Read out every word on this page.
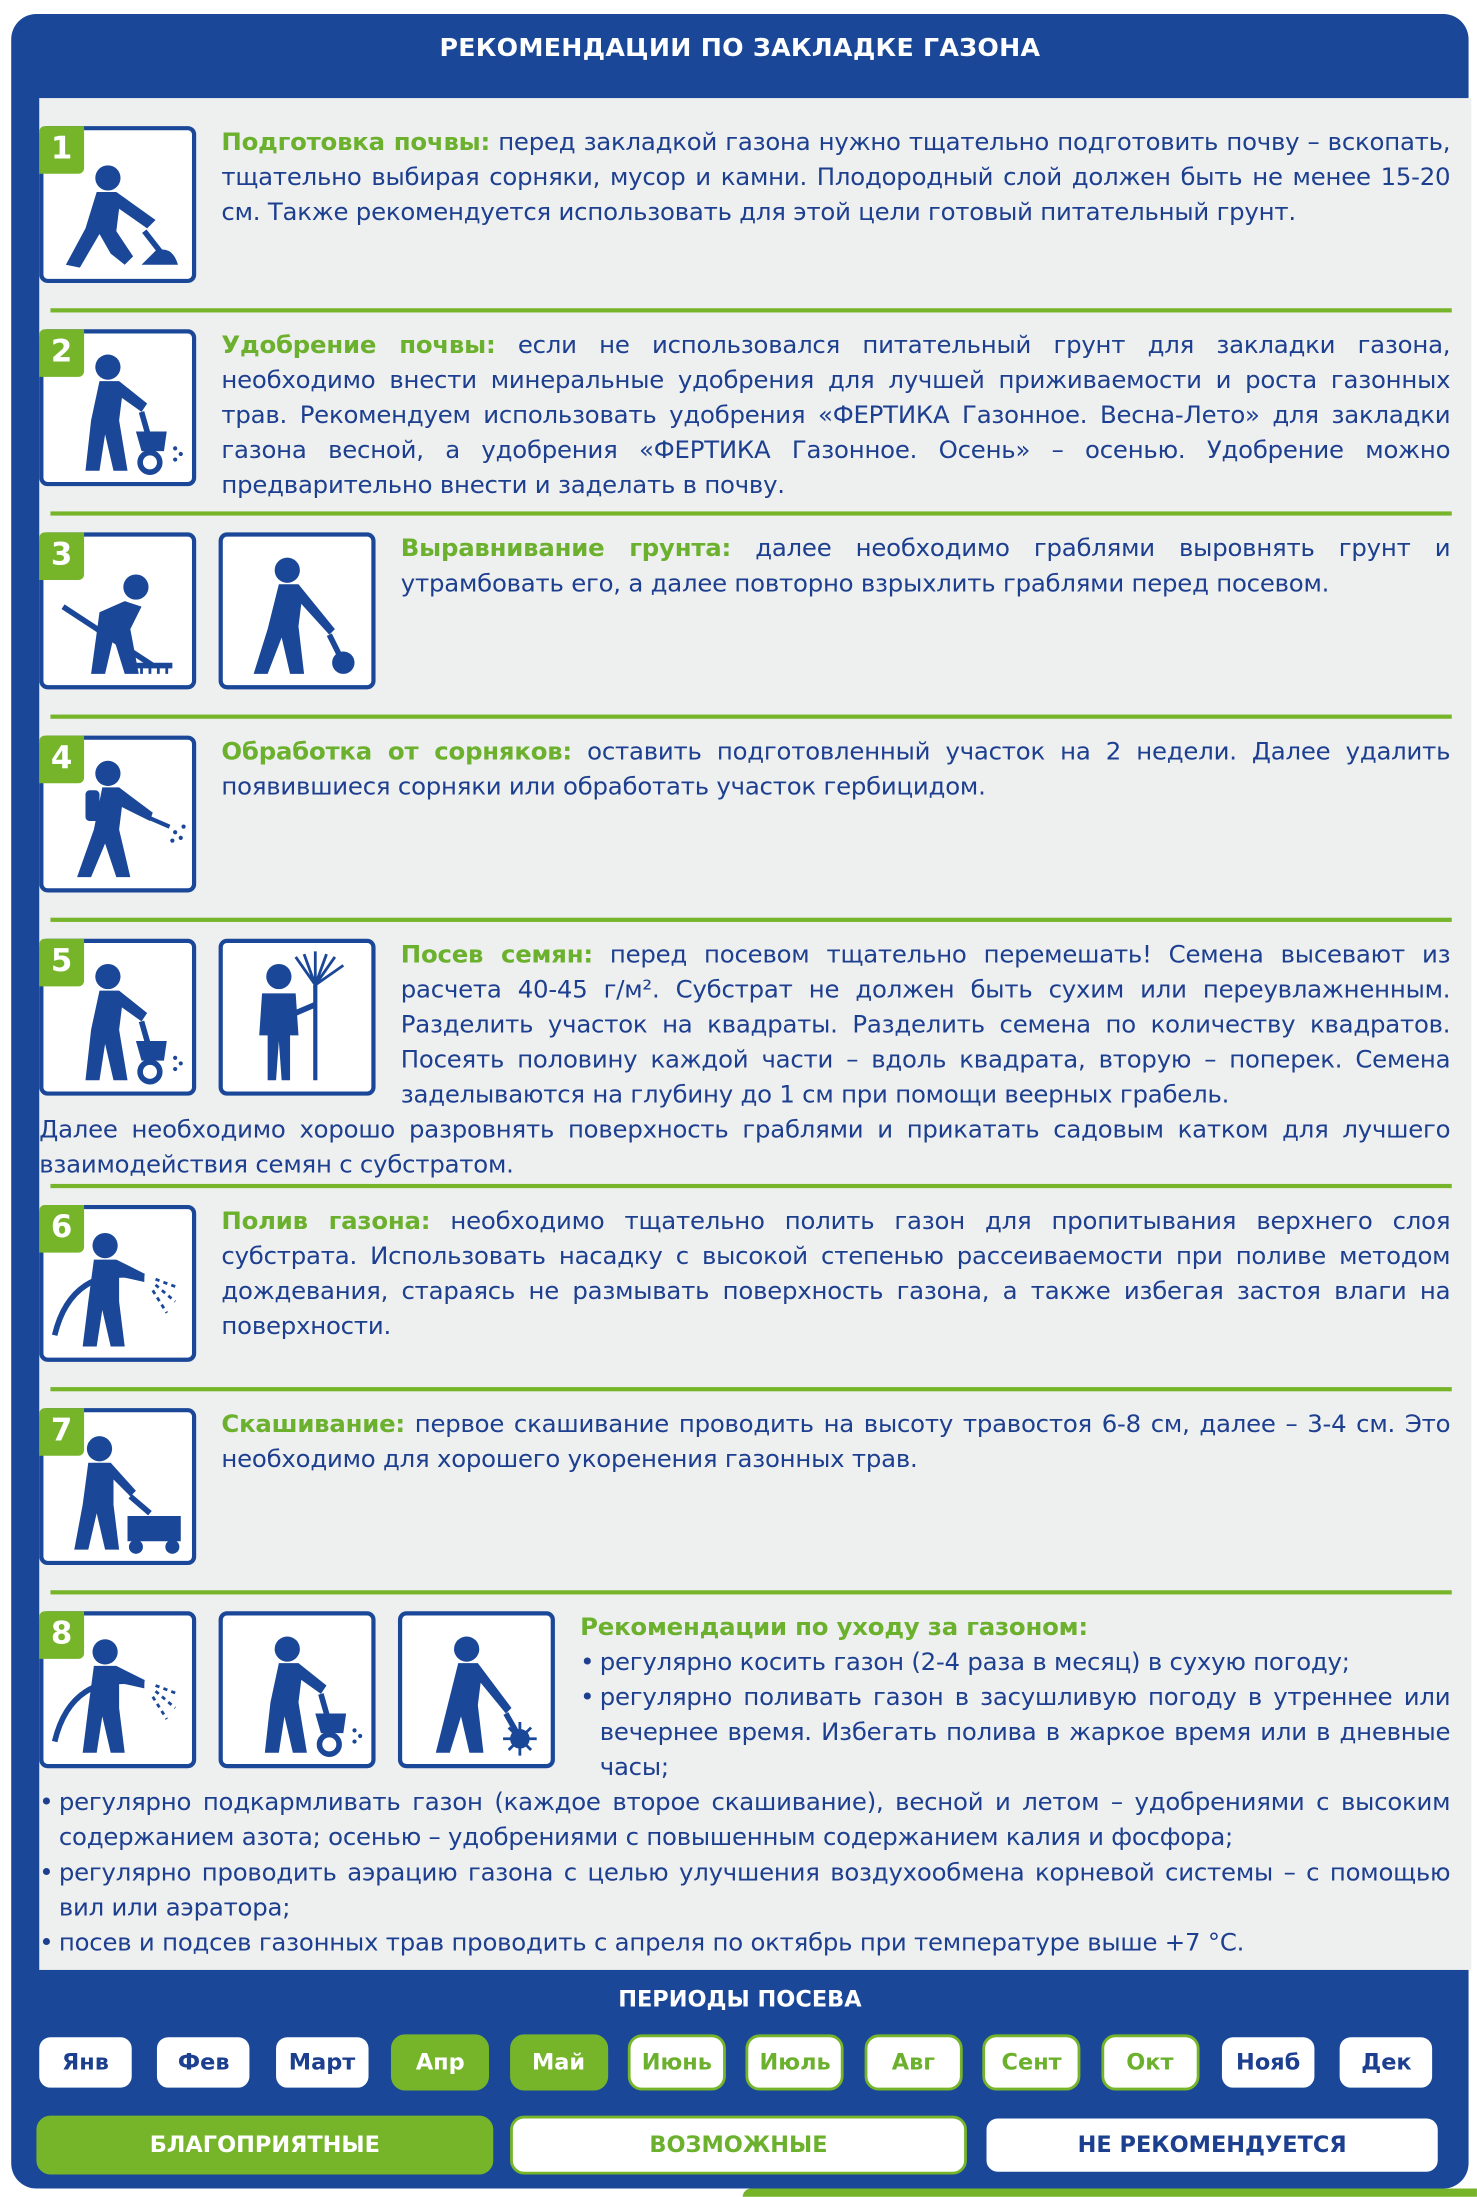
РЕКОМЕНДАЦИИ ПО ЗАКЛАДКЕ ГАЗОНА
1	Подготовка почвы: перед закладкой газона нужно тщательно подготовить почву – вскопать, тщательно выбирая сорняки, мусор и камни. Плодородный слой должен быть не менее 15-20 см. Также рекомендуется использовать для этой цели готовый питательный грунт.
2	Удобрение почвы: если не использовался питательный грунт для закладки газона, необходимо внести минеральные удобрения для лучшей приживаемости и роста газонных трав. Рекомендуем использовать удобрения «ФЕРТИКА Газонное. Весна-Лето» для закладки газона весной, а удобрения «ФЕРТИКА Газонное. Осень» – осенью. Удобрение можно предварительно внести и заделать в почву.
3	Выравнивание грунта: далее необходимо граблями выровнять грунт и утрамбовать его, а далее повторно взрыхлить граблями перед посевом.
4	Обработка от сорняков: оставить подготовленный участок на 2 недели. Далее удалить появившиеся сорняки или обработать участок гербицидом.
5	Посев семян: перед посевом тщательно перемешать! Семена высевают из расчета 40-45 г/м². Субстрат не должен быть сухим или переувлажненным. Разделить участок на квадраты. Разделить семена по количеству квадратов. Посеять половину каждой части – вдоль квадрата, вторую – поперек. Семена заделываются на глубину до 1 см при помощи веерных грабель.
Далее необходимо хорошо разровнять поверхность граблями и прикатать садовым катком для лучшего взаимодействия семян с субстратом.
6	Полив газона: необходимо тщательно полить газон для пропитывания верхнего слоя субстрата. Использовать насадку с высокой степенью рассеиваемости при поливе методом дождевания, стараясь не размывать поверхность газона, а также избегая застоя влаги на поверхности.
7	Скашивание: первое скашивание проводить на высоту травостоя 6-8 см, далее – 3-4 см. Это необходимо для хорошего укоренения газонных трав.
8	Рекомендации по уходу за газоном:
• регулярно косить газон (2-4 раза в месяц) в сухую погоду;
• регулярно поливать газон в засушливую погоду в утреннее или вечернее время. Избегать полива в жаркое время или в дневные часы;
• регулярно подкармливать газон (каждое второе скашивание), весной и летом – удобрениями с высоким содержанием азота; осенью – удобрениями с повышенным содержанием калия и фосфора;
• регулярно проводить аэрацию газона с целью улучшения воздухообмена корневой системы – с помощью вил или аэратора;
• посев и подсев газонных трав проводить с апреля по октябрь при температуре выше +7 °C.
ПЕРИОДЫ ПОСЕВА
БЛАГОПРИЯТНЫЕ	ВОЗМОЖНЫЕ	НЕ РЕКОМЕНДУЕТСЯ
Янв	Фев	Март	Апр	Май	Июнь	Июль	Авг	Сент	Окт	Нояб	Дек
